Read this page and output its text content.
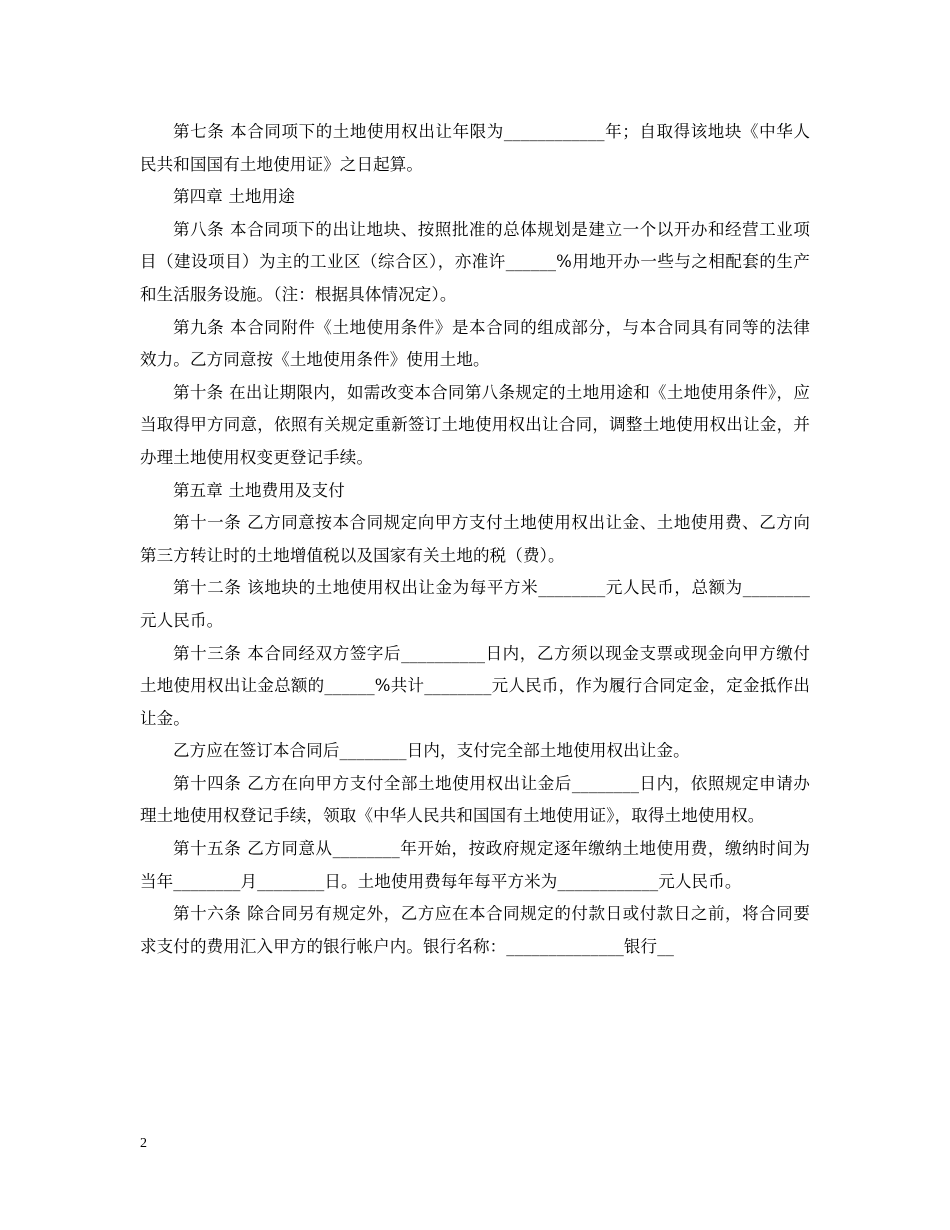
第七条 本合同项下的土地使用权出让年限为____________年；自取得该地块《中华人民共和国国有土地使用证》之日起算。

第四章 土地用途

第八条 本合同项下的出让地块、按照批准的总体规划是建立一个以开办和经营工业项目（建设项目）为主的工业区（综合区），亦准许______%用地开办一些与之相配套的生产和生活服务设施。（注：根据具体情况定）。

第九条 本合同附件《土地使用条件》是本合同的组成部分，与本合同具有同等的法律效力。乙方同意按《土地使用条件》使用土地。

第十条 在出让期限内，如需改变本合同第八条规定的土地用途和《土地使用条件》，应当取得甲方同意，依照有关规定重新签订土地使用权出让合同，调整土地使用权出让金，并办理土地使用权变更登记手续。

第五章 土地费用及支付

第十一条 乙方同意按本合同规定向甲方支付土地使用权出让金、土地使用费、乙方向第三方转让时的土地增值税以及国家有关土地的税（费）。

第十二条 该地块的土地使用权出让金为每平方米________元人民币，总额为________元人民币。

第十三条 本合同经双方签字后__________日内，乙方须以现金支票或现金向甲方缴付土地使用权出让金总额的______%共计________元人民币，作为履行合同定金，定金抵作出让金。

乙方应在签订本合同后________日内，支付完全部土地使用权出让金。

第十四条 乙方在向甲方支付全部土地使用权出让金后________日内，依照规定申请办理土地使用权登记手续，领取《中华人民共和国国有土地使用证》，取得土地使用权。

第十五条 乙方同意从________年开始，按政府规定逐年缴纳土地使用费，缴纳时间为当年________月________日。土地使用费每年每平方米为____________元人民币。

第十六条 除合同另有规定外，乙方应在本合同规定的付款日或付款日之前，将合同要求支付的费用汇入甲方的银行帐户内。银行名称：______________银行__

2
